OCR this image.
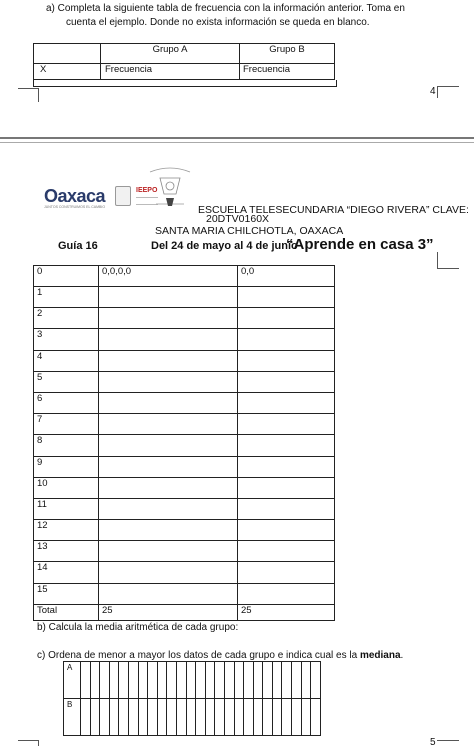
a) Completa la siguiente tabla de frecuencia con la información anterior. Toma en
cuenta el ejemplo. Donde no exista información se queda en blanco.
	Grupo A	Grupo B
X	Frecuencia	Frecuencia
4
Oaxaca
JUNTOS CONSTRUIMOS EL CAMBIO
IEEPO
ESCUELA TELESECUNDARIA “DIEGO RIVERA” CLAVE:
20DTV0160X
SANTA MARIA CHILCHOTLA, OAXACA
Guía 16	Del 24 de mayo al 4 de junio
“Aprende en casa 3”
0	0,0,0,0	0,0
1		
2		
3		
4		
5		
6		
7		
8		
9		
10		
11		
12		
13		
14		
15		
Total	25	25
b) Calcula la media aritmética de cada grupo:
c) Ordena de menor a mayor los datos de cada grupo e indica cual es la mediana.
A																									
B																									
5
